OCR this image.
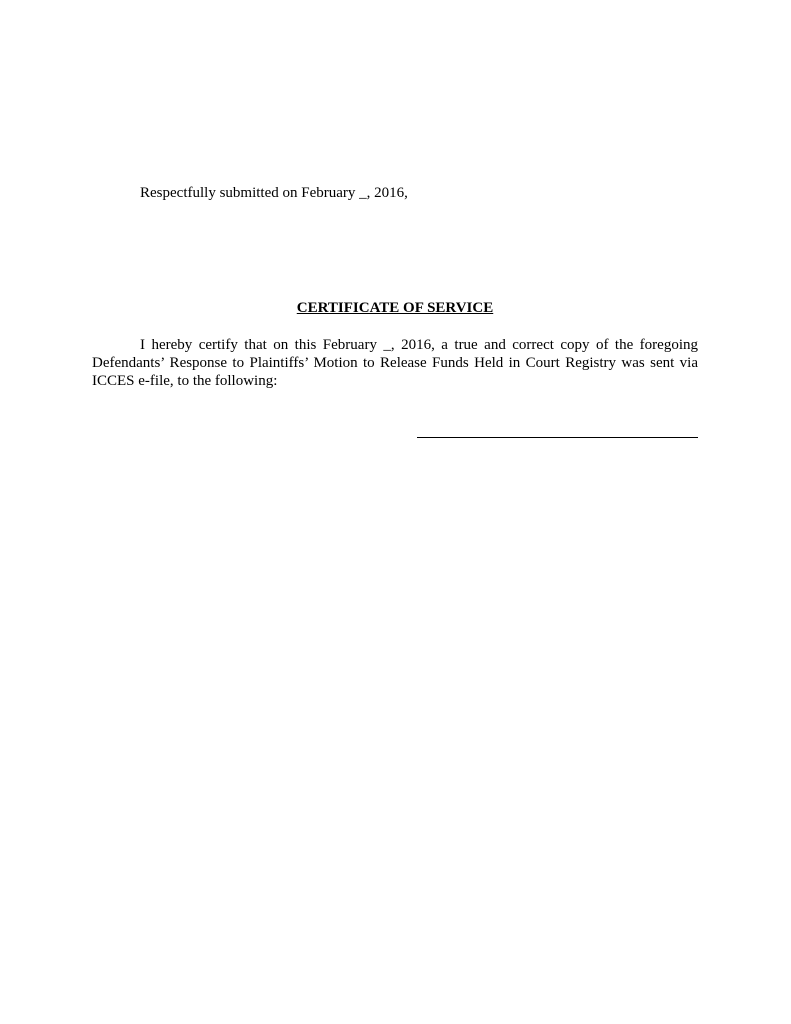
Respectfully submitted on February _, 2016,
CERTIFICATE OF SERVICE

I hereby certify that on this February _, 2016, a true and correct copy of the foregoing Defendants’ Response to Plaintiffs’ Motion to Release Funds Held in Court Registry was sent via ICCES e-file, to the following:
